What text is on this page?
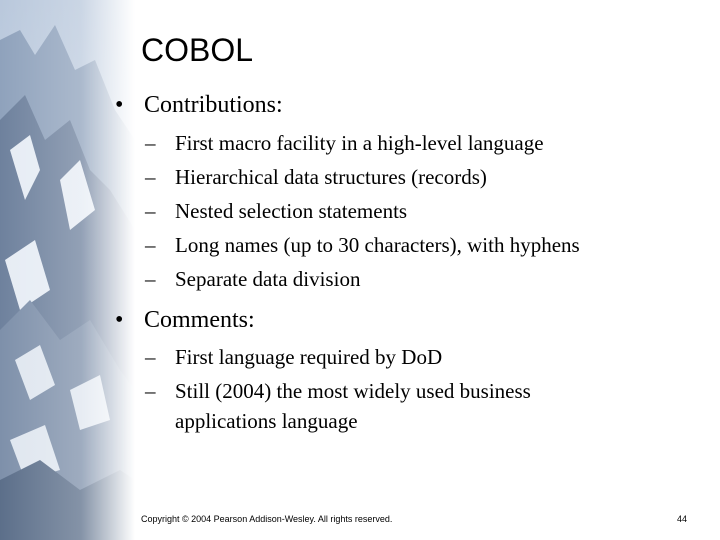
COBOL
• Contributions:
– First macro facility in a high-level language
– Hierarchical data structures (records)
– Nested selection statements
– Long names (up to 30 characters), with hyphens
– Separate data division
• Comments:
– First language required by DoD
– Still (2004) the most widely used business
applications language
Copyright © 2004 Pearson Addison-Wesley. All rights reserved.	44
